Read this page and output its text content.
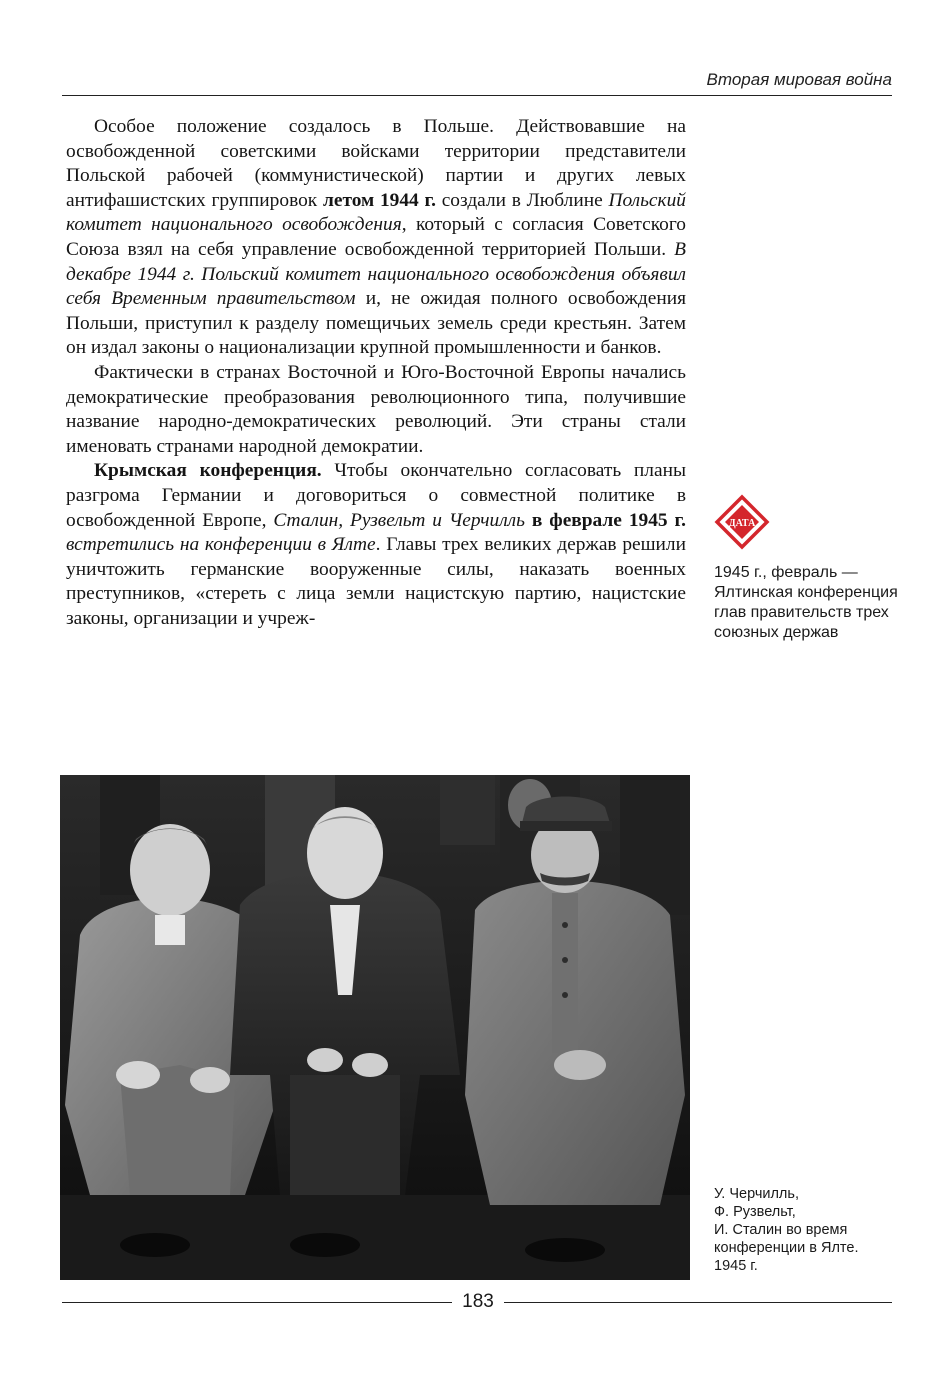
Вторая мировая война

Особое положение создалось в Польше. Действовавшие на освобожденной советскими войсками территории представители Польской рабочей (коммунистической) партии и других левых антифашистских группировок летом 1944 г. создали в Люблине Польский комитет национального освобождения, который с согласия Советского Союза взял на себя управление освобожденной территорией Польши. В декабре 1944 г. Польский комитет национального освобождения объявил себя Временным правительством и, не ожидая полного освобождения Польши, приступил к разделу помещичьих земель среди крестьян. Затем он издал законы о национализации крупной промышленности и банков.

Фактически в странах Восточной и Юго-Восточной Европы начались демократические преобразования революционного типа, получившие название народно-демократических революций. Эти страны стали именовать странами народной демократии.

Крымская конференция. Чтобы окончательно согласовать планы разгрома Германии и договориться о совместной политике в освобожденной Европе, Сталин, Рузвельт и Черчилль в феврале 1945 г. встретились на конференции в Ялте. Главы трех великих держав решили уничтожить германские вооруженные силы, наказать военных преступников, «стереть с лица земли нацистскую партию, нацистские законы, организации и учреж-

ДАТА
1945 г., февраль — Ялтинская конференция глав правительств трех союзных держав
У. Черчилль,
Ф. Рузвельт,
И. Сталин во время
конференции в Ялте.
1945 г.
183
